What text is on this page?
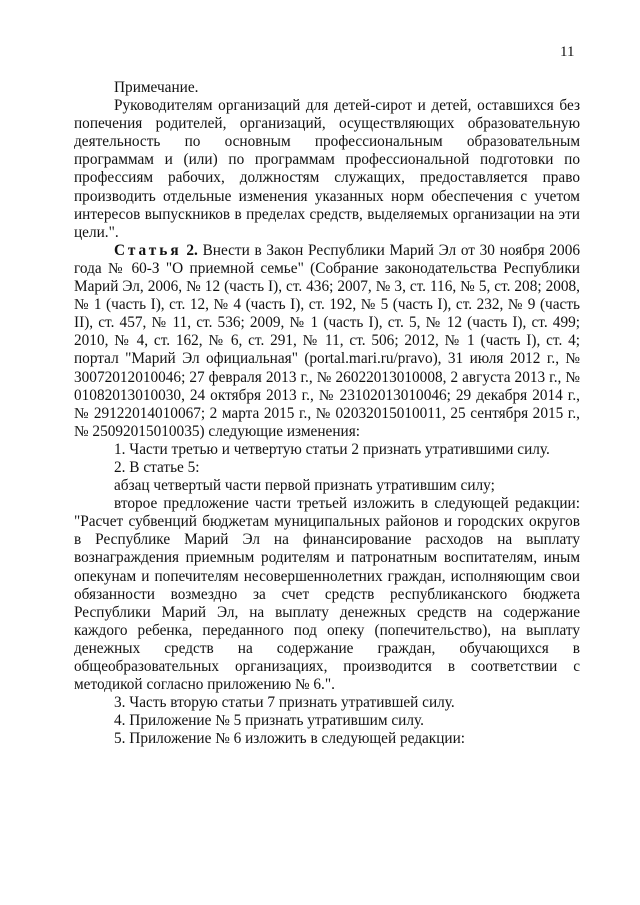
11

Примечание.

Руководителям организаций для детей-сирот и детей, оставшихся без попечения родителей, организаций, осуществляющих образовательную деятельность по основным профессиональным образовательным программам и (или) по программам профессиональной подготовки по профессиям рабочих, должностям служащих, предоставляется право производить отдельные изменения указанных норм обеспечения с учетом интересов выпускников в пределах средств, выделяемых организации на эти цели.".

Статья 2. Внести в Закон Республики Марий Эл от 30 ноября 2006 года № 60-З "О приемной семье" (Собрание законодательства Республики Марий Эл, 2006, № 12 (часть I), ст. 436; 2007, № 3, ст. 116, № 5, ст. 208; 2008, № 1 (часть I), ст. 12, № 4 (часть I), ст. 192, № 5 (часть I), ст. 232, № 9 (часть II), ст. 457, № 11, ст. 536; 2009, № 1 (часть I), ст. 5, № 12 (часть I), ст. 499; 2010, № 4, ст. 162, № 6, ст. 291, № 11, ст. 506; 2012, № 1 (часть I), ст. 4; портал "Марий Эл официальная" (portal.mari.ru/pravo), 31 июля 2012 г., № 30072012010046; 27 февраля 2013 г., № 26022013010008, 2 августа 2013 г., № 01082013010030, 24 октября 2013 г., № 23102013010046; 29 декабря 2014 г., № 29122014010067; 2 марта 2015 г., № 02032015010011, 25 сентября 2015 г., № 25092015010035) следующие изменения:

1. Части третью и четвертую статьи 2 признать утратившими силу.

2. В статье 5:

абзац четвертый части первой признать утратившим силу;

второе предложение части третьей изложить в следующей редакции: "Расчет субвенций бюджетам муниципальных районов и городских округов в Республике Марий Эл на финансирование расходов на выплату вознаграждения приемным родителям и патронатным воспитателям, иным опекунам и попечителям несовершеннолетних граждан, исполняющим свои обязанности возмездно за счет средств республиканского бюджета Республики Марий Эл, на выплату денежных средств на содержание каждого ребенка, переданного под опеку (попечительство), на выплату денежных средств на содержание граждан, обучающихся в общеобразовательных организациях, производится в соответствии с методикой согласно приложению № 6.".

3. Часть вторую статьи 7 признать утратившей силу.

4. Приложение № 5 признать утратившим силу.

5. Приложение № 6 изложить в следующей редакции:
